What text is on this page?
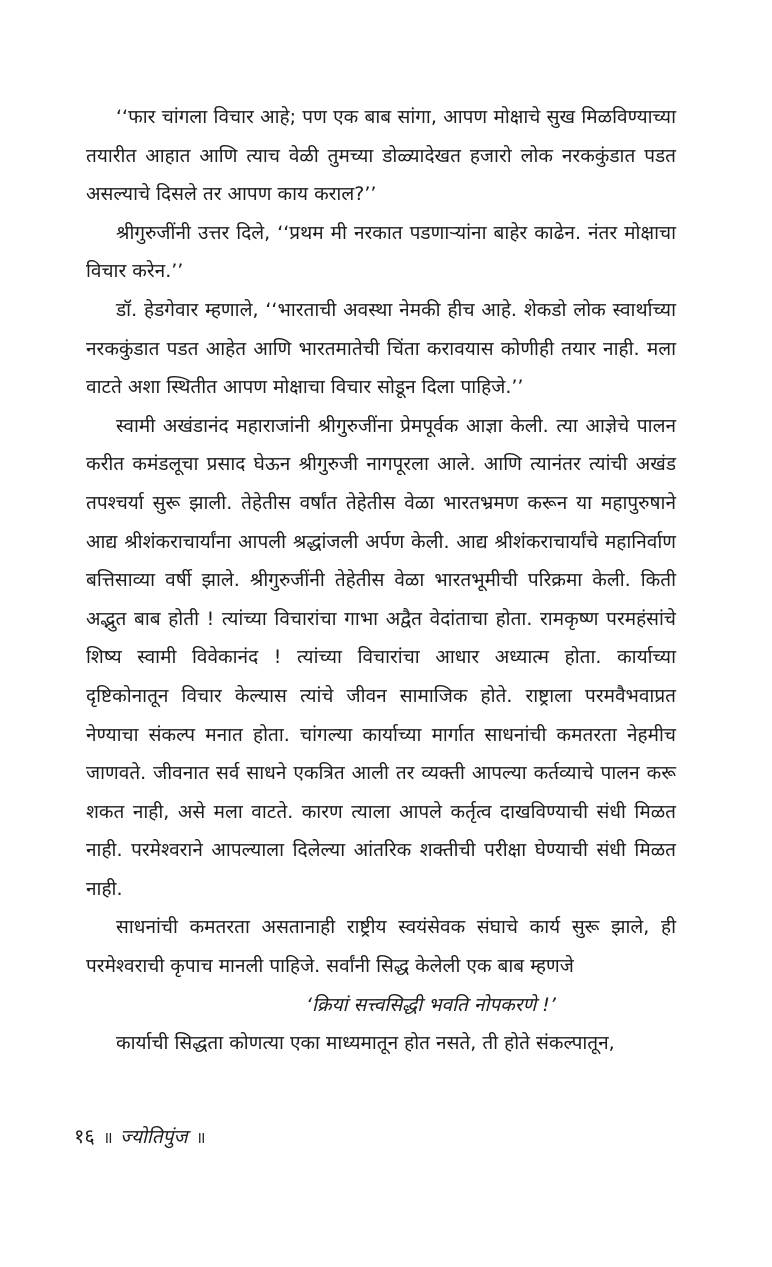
‘‘फार चांगला विचार आहे; पण एक बाब सांगा, आपण मोक्षाचे सुख मिळविण्याच्या तयारीत आहात आणि त्याच वेळी तुमच्या डोळ्यादेखत हजारो लोक नरककुंडात पडत असल्याचे दिसले तर आपण काय कराल?’’

श्रीगुरुजींनी उत्तर दिले, ‘‘प्रथम मी नरकात पडणाऱ्यांना बाहेर काढेन. नंतर मोक्षाचा विचार करेन.’’

डॉ. हेडगेवार म्हणाले, ‘‘भारताची अवस्था नेमकी हीच आहे. शेकडो लोक स्वार्थाच्या नरककुंडात पडत आहेत आणि भारतमातेची चिंता करावयास कोणीही तयार नाही. मला वाटते अशा स्थितीत आपण मोक्षाचा विचार सोडून दिला पाहिजे.’’

स्वामी अखंडानंद महाराजांनी श्रीगुरुजींना प्रेमपूर्वक आज्ञा केली. त्या आज्ञेचे पालन करीत कमंडलूचा प्रसाद घेऊन श्रीगुरुजी नागपूरला आले. आणि त्यानंतर त्यांची अखंड तपश्चर्या सुरू झाली. तेहेतीस वर्षांत तेहेतीस वेळा भारतभ्रमण करून या महापुरुषाने आद्य श्रीशंकराचार्यांना आपली श्रद्धांजली अर्पण केली. आद्य श्रीशंकराचार्यांचे महानिर्वाण बत्तिसाव्या वर्षी झाले. श्रीगुरुजींनी तेहेतीस वेळा भारतभूमीची परिक्रमा केली. किती अद्भुत बाब होती ! त्यांच्या विचारांचा गाभा अद्वैत वेदांताचा होता. रामकृष्ण परमहंसांचे शिष्य स्वामी विवेकानंद ! त्यांच्या विचारांचा आधार अध्यात्म होता. कार्याच्या दृष्टिकोनातून विचार केल्यास त्यांचे जीवन सामाजिक होते. राष्ट्राला परमवैभवाप्रत नेण्याचा संकल्प मनात होता. चांगल्या कार्याच्या मार्गात साधनांची कमतरता नेहमीच जाणवते. जीवनात सर्व साधने एकत्रित आली तर व्यक्ती आपल्या कर्तव्याचे पालन करू शकत नाही, असे मला वाटते. कारण त्याला आपले कर्तृत्व दाखविण्याची संधी मिळत नाही. परमेश्वराने आपल्याला दिलेल्या आंतरिक शक्तीची परीक्षा घेण्याची संधी मिळत नाही.

साधनांची कमतरता असतानाही राष्ट्रीय स्वयंसेवक संघाचे कार्य सुरू झाले, ही परमेश्वराची कृपाच मानली पाहिजे. सर्वांनी सिद्ध केलेली एक बाब म्हणजे

‘क्रियां सत्त्वसिद्धी भवति नोपकरणे !’

कार्याची सिद्धता कोणत्या एका माध्यमातून होत नसते, ती होते संकल्पातून,

१६ ॥ ज्योतिपुंज ॥
